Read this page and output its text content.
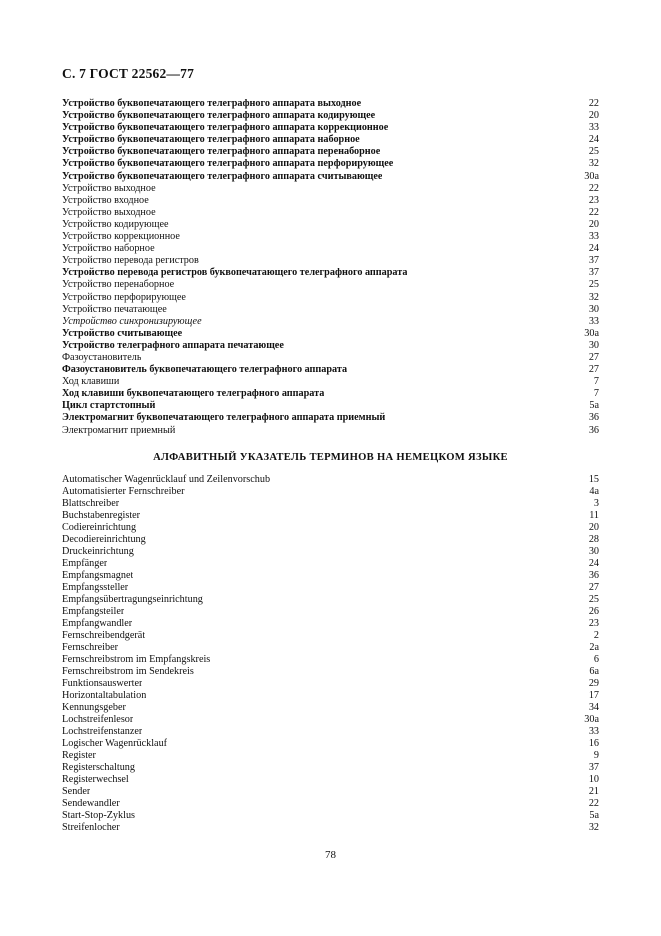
С. 7 ГОСТ 22562—77
Устройство буквопечатающего телеграфного аппарата выходное	22
Устройство буквопечатающего телеграфного аппарата кодирующее	20
Устройство буквопечатающего телеграфного аппарата коррекционное	33
Устройство буквопечатающего телеграфного аппарата наборное	24
Устройство буквопечатающего телеграфного аппарата перенаборное	25
Устройство буквопечатающего телеграфного аппарата перфорирующее	32
Устройство буквопечатающего телеграфного аппарата считывающее	30а
Устройство выходное	22
Устройство входное	23
Устройство выходное	22
Устройство кодирующее	20
Устройство коррекционное	33
Устройство наборное	24
Устройство перевода регистров	37
Устройство перевода регистров буквопечатающего телеграфного аппарата	37
Устройство перенаборное	25
Устройство перфорирующее	32
Устройство печатающее	30
Устройство синхронизирующее	33
Устройство считывающее	30а
Устройство телеграфного аппарата печатающее	30
Фазоустановитель	27
Фазоустановитель буквопечатающего телеграфного аппарата	27
Ход клавиши	7
Ход клавиши буквопечатающего телеграфного аппарата	7
Цикл стартстопный	5а
Электромагнит буквопечатающего телеграфного аппарата приемный	36
Электромагнит приемный	36
АЛФАВИТНЫЙ УКАЗАТЕЛЬ ТЕРМИНОВ НА НЕМЕЦКОМ ЯЗЫКЕ
Automatischer Wagenrücklauf und Zeilenvorschub	15
Automatisierter Fernschreiber	4а
Blattschreiber	3
Buchstabenregister	11
Codiereinrichtung	20
Decodiereinrichtung	28
Druckeinrichtung	30
Empfänger	24
Empfangsmagnet	36
Empfangssteller	27
Empfangsübertragungseinrichtung	25
Empfangsteiler	26
Empfangwandler	23
Fernschreibendgerät	2
Fernschreiber	2а
Fernschreibstrom im Empfangskreis	6
Fernschreibstrom im Sendekreis	6а
Funktionsauswerter	29
Horizontaltabulation	17
Kennungsgeber	34
Lochstreifenlesor	30а
Lochstreifenstanzer	33
Logischer Wagenrücklauf	16
Register	9
Registerschaltung	37
Registerwechsel	10
Sender	21
Sendewandler	22
Start-Stop-Zyklus	5а
Streifenlocher	32
78
